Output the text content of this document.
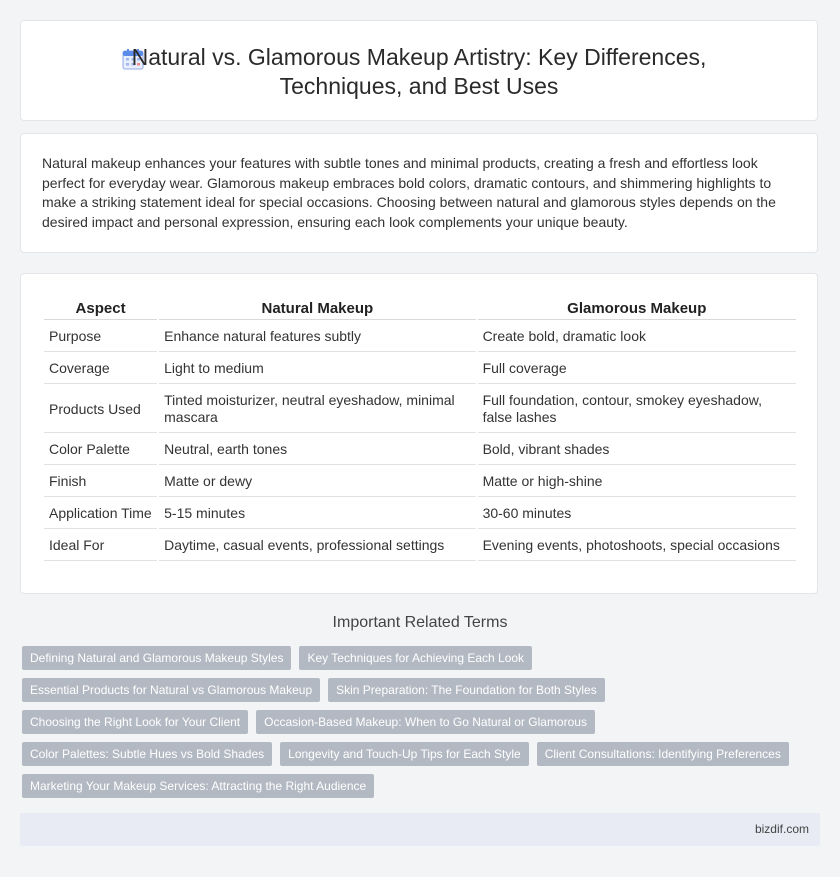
Natural vs. Glamorous Makeup Artistry: Key Differences, Techniques, and Best Uses

Natural makeup enhances your features with subtle tones and minimal products, creating a fresh and effortless look perfect for everyday wear. Glamorous makeup embraces bold colors, dramatic contours, and shimmering highlights to make a striking statement ideal for special occasions. Choosing between natural and glamorous styles depends on the desired impact and personal expression, ensuring each look complements your unique beauty.

Aspect	Natural Makeup	Glamorous Makeup
Purpose	Enhance natural features subtly	Create bold, dramatic look
Coverage	Light to medium	Full coverage
Products Used	Tinted moisturizer, neutral eyeshadow, minimal mascara	Full foundation, contour, smokey eyeshadow, false lashes
Color Palette	Neutral, earth tones	Bold, vibrant shades
Finish	Matte or dewy	Matte or high-shine
Application Time	5-15 minutes	30-60 minutes
Ideal For	Daytime, casual events, professional settings	Evening events, photoshoots, special occasions
Important Related Terms
Defining Natural and Glamorous Makeup Styles	Key Techniques for Achieving Each Look
Essential Products for Natural vs Glamorous Makeup	Skin Preparation: The Foundation for Both Styles
Choosing the Right Look for Your Client	Occasion-Based Makeup: When to Go Natural or Glamorous
Color Palettes: Subtle Hues vs Bold Shades	Longevity and Touch-Up Tips for Each Style	Client Consultations: Identifying Preferences
Marketing Your Makeup Services: Attracting the Right Audience
bizdif.com
